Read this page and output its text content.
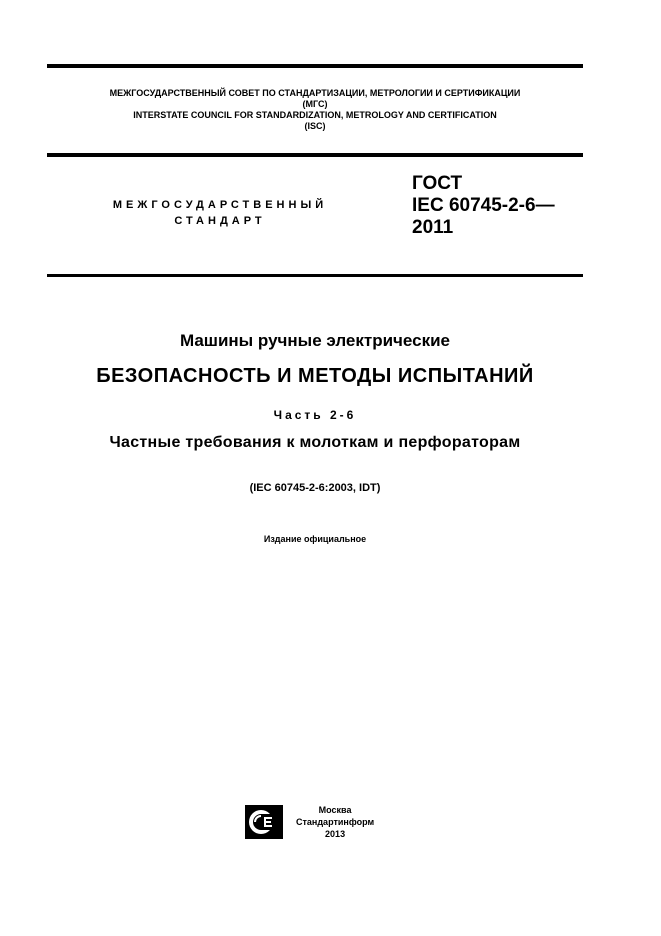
МЕЖГОСУДАРСТВЕННЫЙ СОВЕТ ПО СТАНДАРТИЗАЦИИ, МЕТРОЛОГИИ И СЕРТИФИКАЦИИ
(МГС)
INTERSTATE COUNCIL FOR STANDARDIZATION, METROLOGY AND CERTIFICATION
(ISC)
МЕЖГОСУДАРСТВЕННЫЙ
СТАНДАРТ
ГОСТ
IEC 60745-2-6—
2011
Машины ручные электрические
БЕЗОПАСНОСТЬ И МЕТОДЫ ИСПЫТАНИЙ
Часть 2-6
Частные требования к молоткам и перфораторам
(IEC 60745-2-6:2003, IDT)
Издание официальное
Москва
Стандартинформ
2013
